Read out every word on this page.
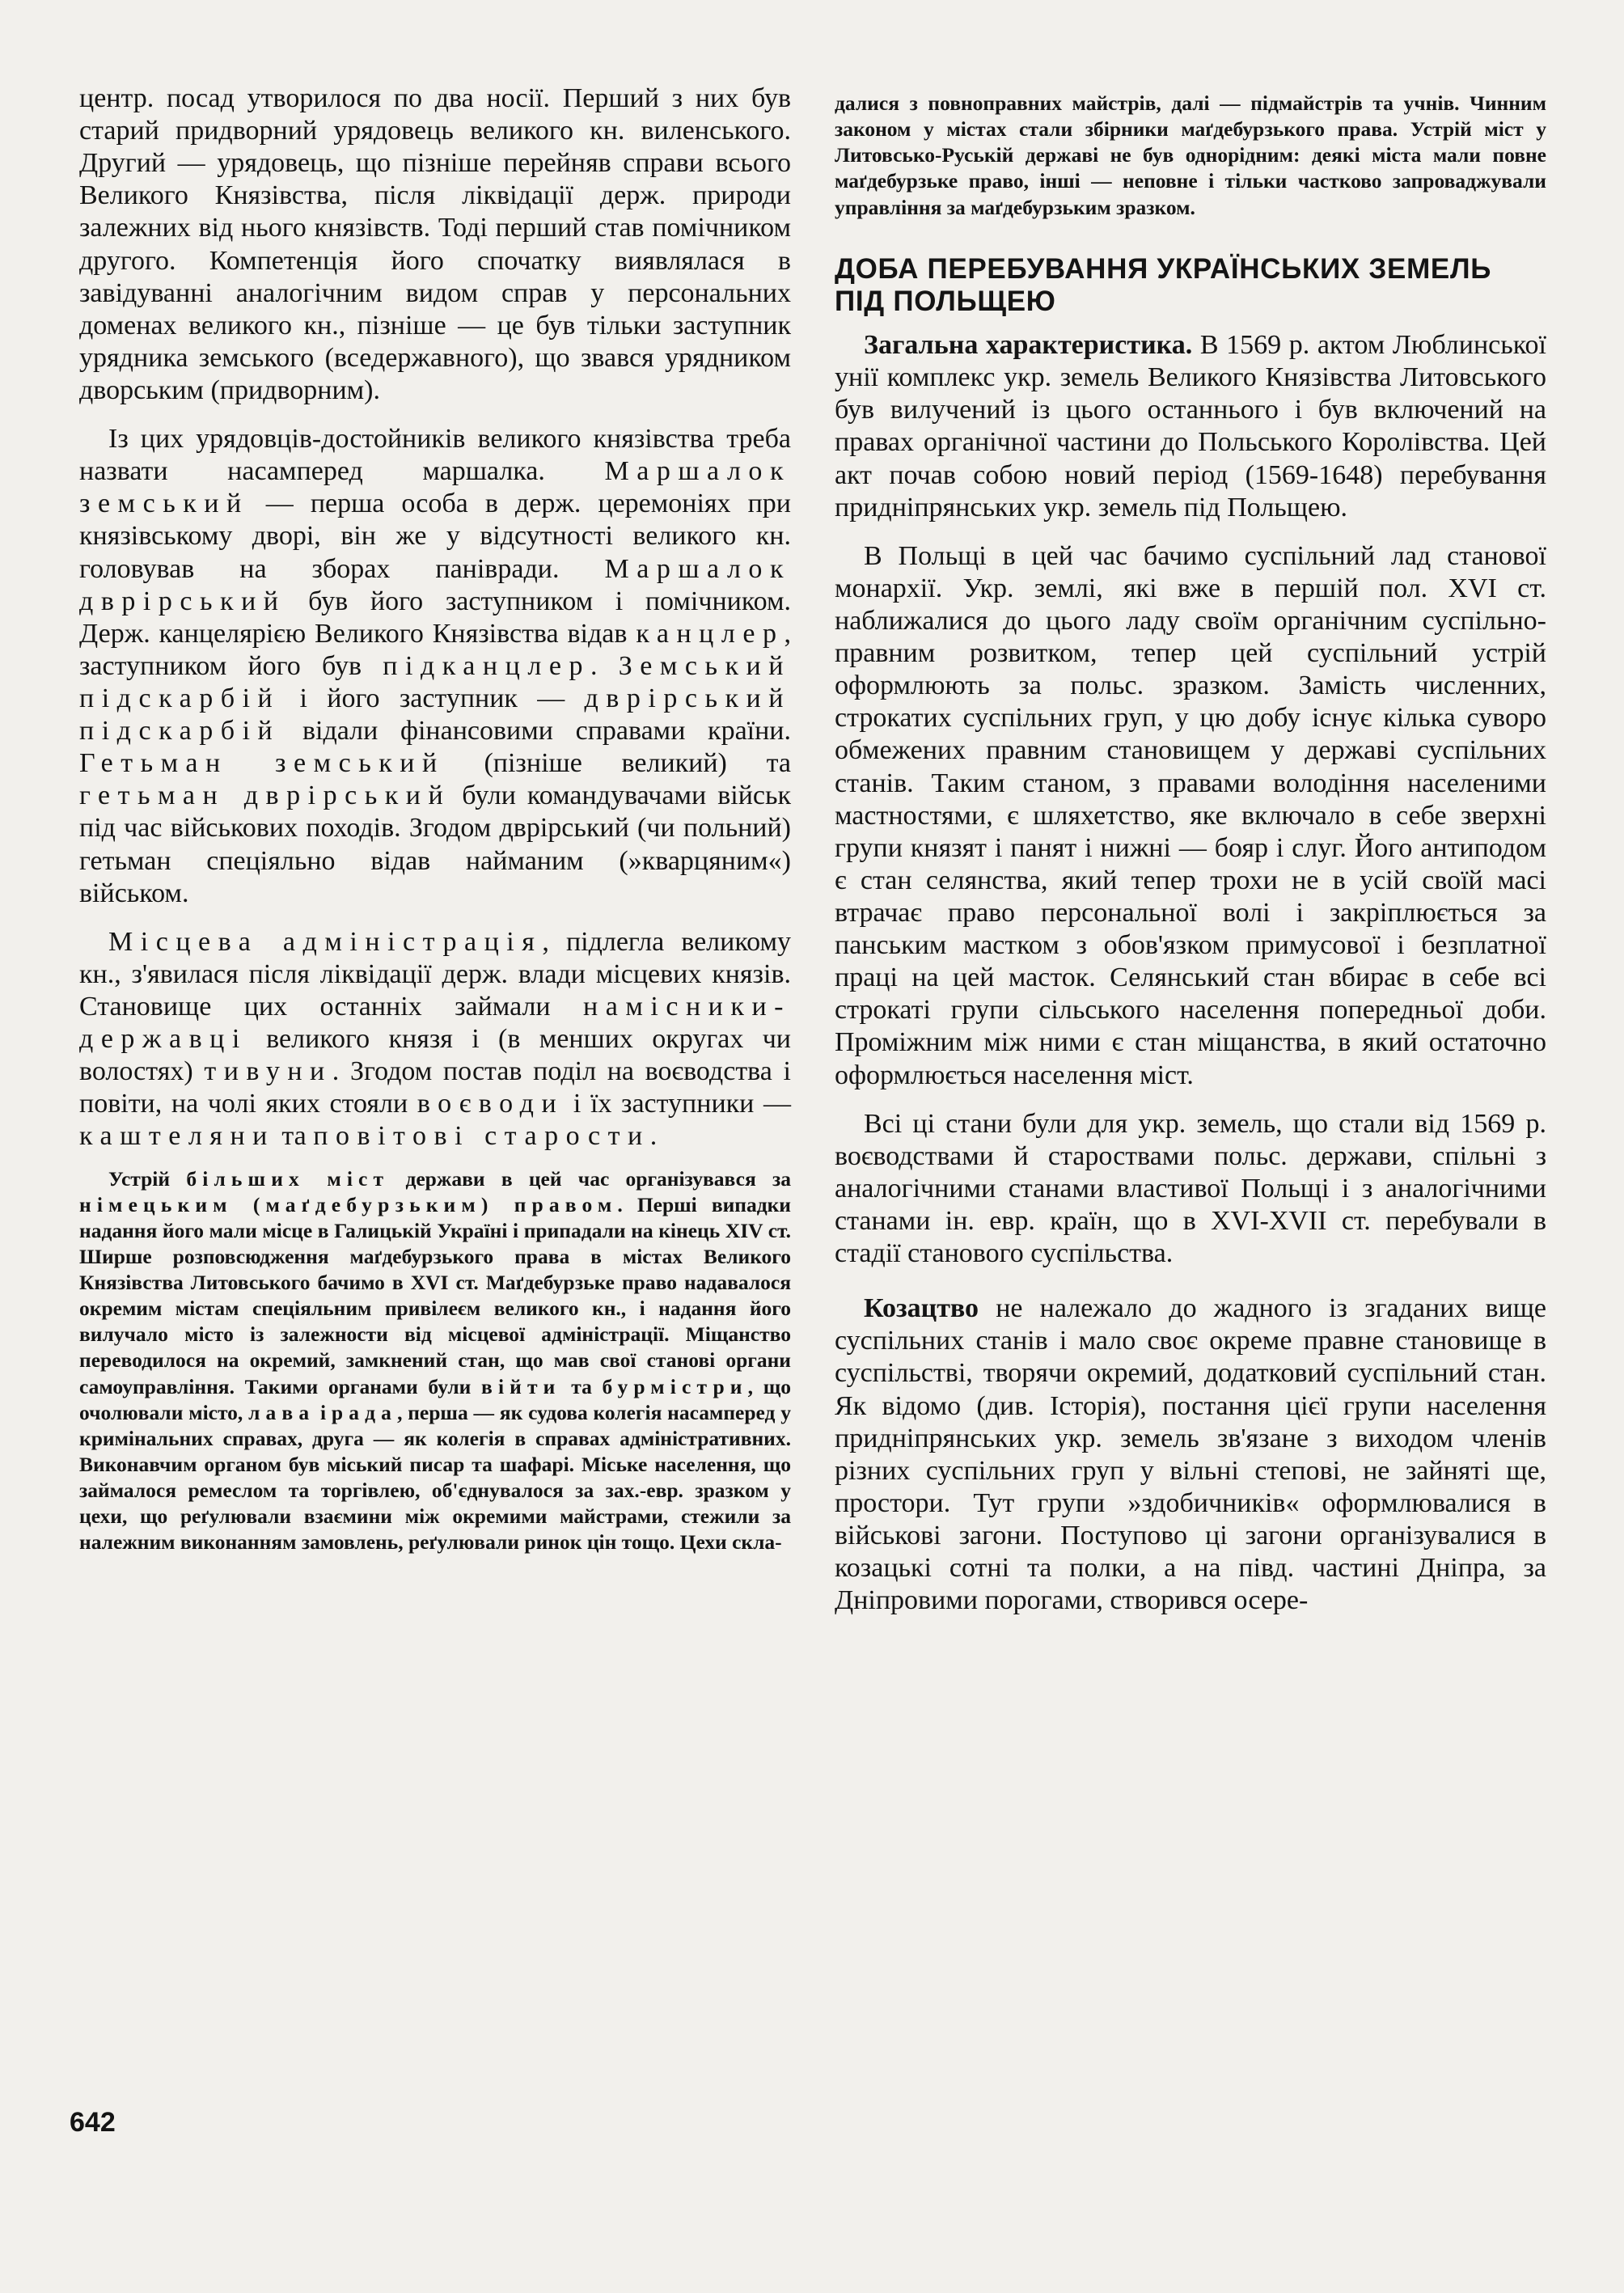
центр. посад утворилося по два носії. Перший з них був старий придворний урядовець великого кн. виленського. Другий — урядовець, що пізніше перейняв справи всього Великого Князівства, після ліквідації держ. природи залежних від нього князівств. Тоді перший став помічником другого. Компетенція його спочатку виявлялася в завідуванні аналогічним видом справ у персональних доменах великого кн., пізніше — це був тільки заступник урядника земського (вседержавного), що звався урядником дворським (придворним).

Із цих урядовців-достойників великого князівства треба назвати насамперед маршалка. Маршалок земський — перша особа в держ. церемоніях при князівському дворі, він же у відсутності великого кн. головував на зборах панівради. Маршалок дврірський був його заступником і помічником. Держ. канцелярією Великого Князівства відав канцлер, заступником його був підканцлер. Земський підскарбій і його заступник — дврірський підскарбій відали фінансовими справами країни. Гетьман земський (пізніше великий) та гетьман дврірський були командувачами військ під час військових походів. Згодом дврірський (чи польний) гетьман спеціяльно відав найманим (»кварцяним«) військом.

Місцева адміністрація, підлегла великому кн., з'явилася після ліквідації держ. влади місцевих князів. Становище цих останніх займали намісники-державці великого князя і (в менших округах чи волостях) тивуни. Згодом постав поділ на воєводства і повіти, на чолі яких стояли воєводи і їх заступники — каштеляни та повітові старости.

Устрій більших міст держави в цей час організувався за німецьким (маґдебурзьким) правом. Перші випадки надання його мали місце в Галицькій Україні і припадали на кінець XIV ст. Ширше розповсюдження маґдебурзького права в містах Великого Князівства Литовського бачимо в XVI ст. Маґдебурзьке право надавалося окремим містам спеціяльним привілеєм великого кн., і надання його вилучало місто із залежности від місцевої адміністрації. Міщанство переводилося на окремий, замкнений стан, що мав свої станові органи самоуправління. Такими органами були війти та бурмістри, що очолювали місто, лава і рада, перша — як судова колегія насамперед у кримінальних справах, друга — як колегія в справах адміністративних. Виконавчим органом був міський писар та шафарі. Міське населення, що займалося ремеслом та торгівлею, об'єднувалося за зах.-евр. зразком у цехи, що реґулювали взаємини між окремими майстрами, стежили за належним виконанням замовлень, реґулювали ринок цін тощо. Цехи скла-

далися з повноправних майстрів, далі — підмайстрів та учнів. Чинним законом у містах стали збірники маґдебурзького права. Устрій міст у Литовсько-Руській державі не був однорідним: деякі міста мали повне маґдебурзьке право, інші — неповне і тільки частково запроваджували управління за маґдебурзьким зразком.

ДОБА ПЕРЕБУВАННЯ УКРАЇНСЬКИХ ЗЕМЕЛЬ ПІД ПОЛЬЩЕЮ

Загальна характеристика. В 1569 р. актом Люблинської унії комплекс укр. земель Великого Князівства Литовського був вилучений із цього останнього і був включений на правах органічної частини до Польського Королівства. Цей акт почав собою новий період (1569-1648) перебування придніпрянських укр. земель під Польщею.

В Польщі в цей час бачимо суспільний лад станової монархії. Укр. землі, які вже в першій пол. XVI ст. наближалися до цього ладу своїм органічним суспільно-правним розвитком, тепер цей суспільний устрій оформлюють за польс. зразком. Замість численних, строкатих суспільних груп, у цю добу існує кілька суворо обмежених правним становищем у державі суспільних станів. Таким станом, з правами володіння населеними мастностями, є шляхетство, яке включало в себе зверхні групи князят і панят і нижні — бояр і слуг. Його антиподом є стан селянства, який тепер трохи не в усій своїй масі втрачає право персональної волі і закріплюється за панським мастком з обов'язком примусової і безплатної праці на цей масток. Селянський стан вбирає в себе всі строкаті групи сільського населення попередньої доби. Проміжним між ними є стан міщанства, в який остаточно оформлюється населення міст.

Всі ці стани були для укр. земель, що стали від 1569 р. воєводствами й староствами польс. держави, спільні з аналогічними станами властивої Польщі і з аналогічними станами ін. евр. країн, що в XVI-XVII ст. перебували в стадії станового суспільства.

Козацтво не належало до жадного із згаданих вище суспільних станів і мало своє окреме правне становище в суспільстві, творячи окремий, додатковий суспільний стан. Як відомо (див. Історія), постання цієї групи населення придніпрянських укр. земель зв'язане з виходом членів різних суспільних груп у вільні степові, не зайняті ще, простори. Тут групи »здобичників« оформлювалися в військові загони. Поступово ці загони організувалися в козацькі сотні та полки, а на півд. частині Дніпра, за Дніпровими порогами, створився осере-

642
